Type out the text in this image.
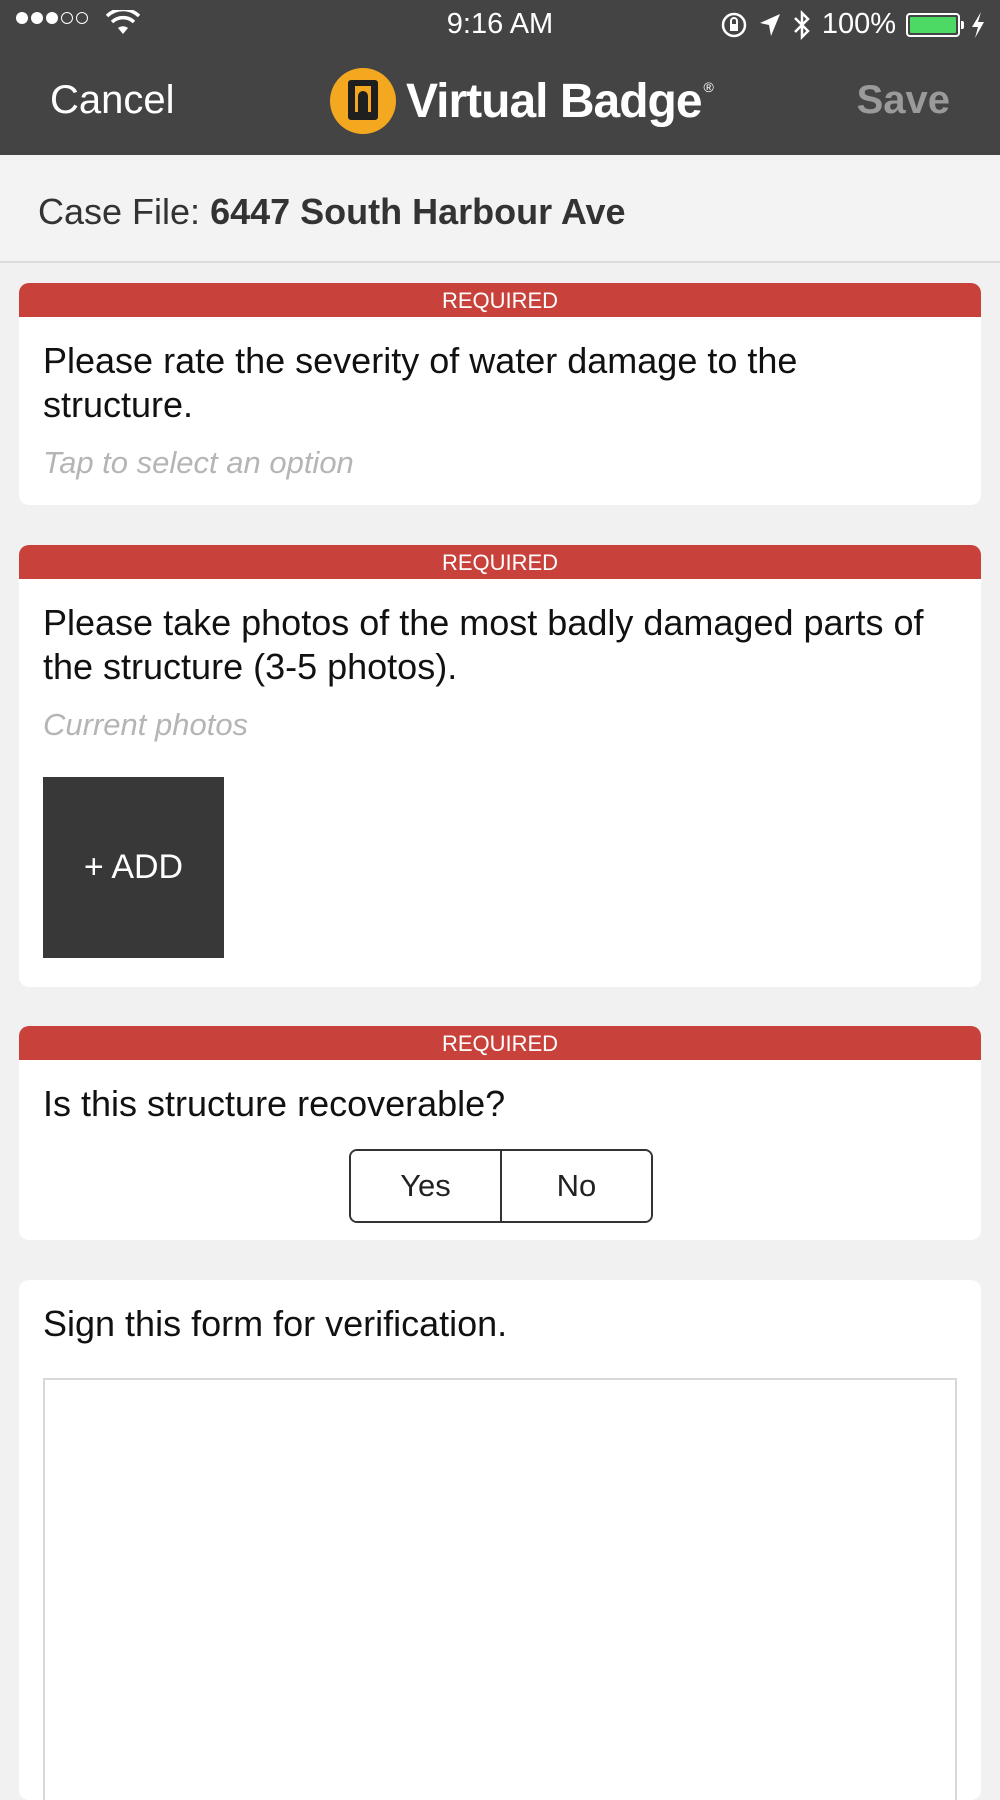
9:16 AM	100%
Cancel	Virtual Badge ®	Save
Case File: 6447 South Harbour Ave
REQUIRED
Please rate the severity of water damage to the structure.
Tap to select an option
REQUIRED
Please take photos of the most badly damaged parts of the structure (3-5 photos).
Current photos
+ ADD
REQUIRED
Is this structure recoverable?
Yes	No
Sign this form for verification.
